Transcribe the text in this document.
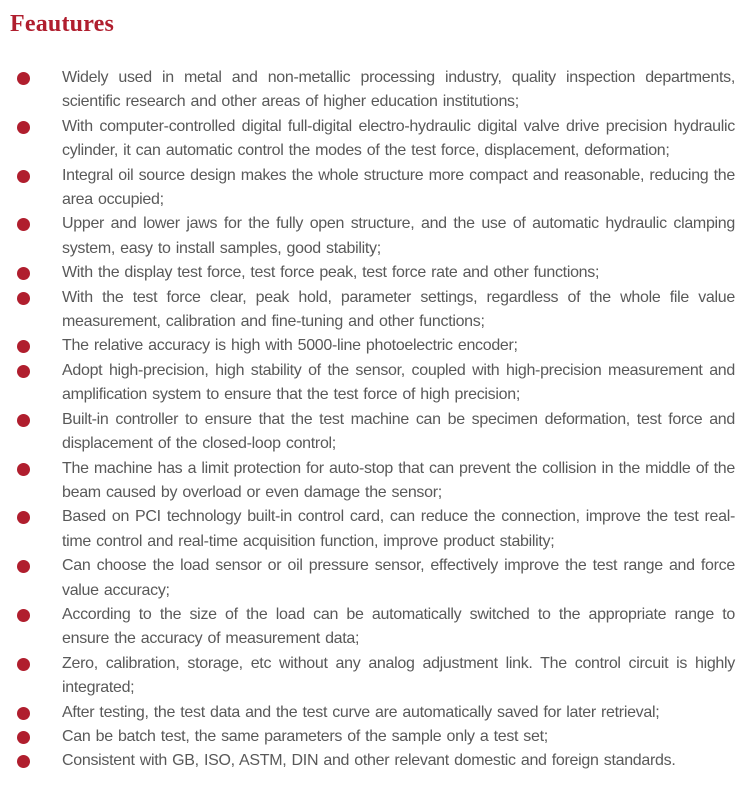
Feautures
Widely used in metal and non-metallic processing industry, quality inspection departments, scientific research and other areas of higher education institutions;
With computer-controlled digital full-digital electro-hydraulic digital valve drive precision hydraulic cylinder, it can automatic control the modes of the test force, displacement, deformation;
Integral oil source design makes the whole structure more compact and reasonable, reducing the area occupied;
Upper and lower jaws for the fully open structure, and the use of automatic hydraulic clamping system, easy to install samples, good stability;
With the display test force, test force peak, test force rate and other functions;
With the test force clear, peak hold, parameter settings, regardless of the whole file value measurement, calibration and fine-tuning and other functions;
The relative accuracy is high with 5000-line photoelectric encoder;
Adopt high-precision, high stability of the sensor, coupled with high-precision measurement and amplification system to ensure that the test force of high precision;
Built-in controller to ensure that the test machine can be specimen deformation, test force and displacement of the closed-loop control;
The machine has a limit protection for auto-stop that can prevent the collision in the middle of the beam caused by overload or even damage the sensor;
Based on PCI technology built-in control card, can reduce the connection, improve the test real-time control and real-time acquisition function, improve product stability;
Can choose the load sensor or oil pressure sensor, effectively improve the test range and force value accuracy;
According to the size of the load can be automatically switched to the appropriate range to ensure the accuracy of measurement data;
Zero, calibration, storage, etc without any analog adjustment link. The control circuit is highly integrated;
After testing, the test data and the test curve are automatically saved for later retrieval;
Can be batch test, the same parameters of the sample only a test set;
Consistent with GB, ISO, ASTM, DIN and other relevant domestic and foreign standards.
